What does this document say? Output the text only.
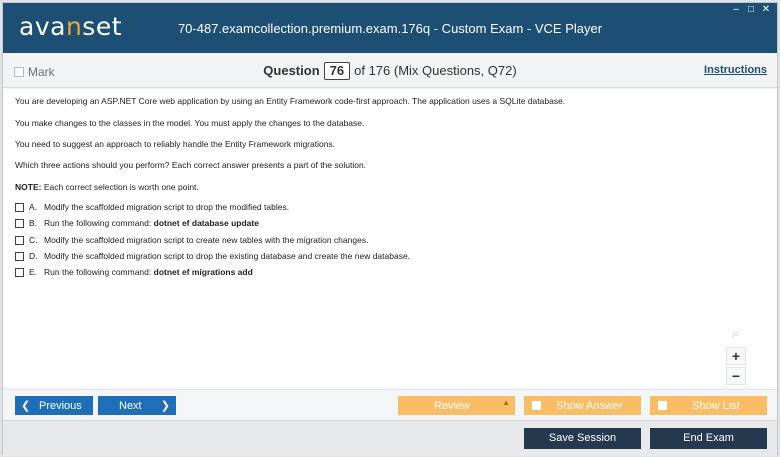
avanset	70-487.examcollection.premium.exam.176q - Custom Exam - VCE Player
– □ ✕
Mark	Question 76 of 176 (Mix Questions, Q72)	Instructions

You are developing an ASP.NET Core web application by using an Entity Framework code-first approach. The application uses a SQLite database.

You make changes to the classes in the model. You must apply the changes to the database.

You need to suggest an approach to reliably handle the Entity Framework migrations.

Which three actions should you perform? Each correct answer presents a part of the solution.

NOTE: Each correct selection is worth one point.

A. Modify the scaffolded migration script to drop the modified tables.
B. Run the following command: dotnet ef database update
C. Modify the scaffolded migration script to create new tables with the migration changes.
D. Modify the scaffolded migration script to drop the existing database and create the new database.
E. Run the following command: dotnet ef migrations add
⌕
+
−
❮ Previous	Next ❯	Review	▲	Show Answer	Show List
Save Session	End Exam
